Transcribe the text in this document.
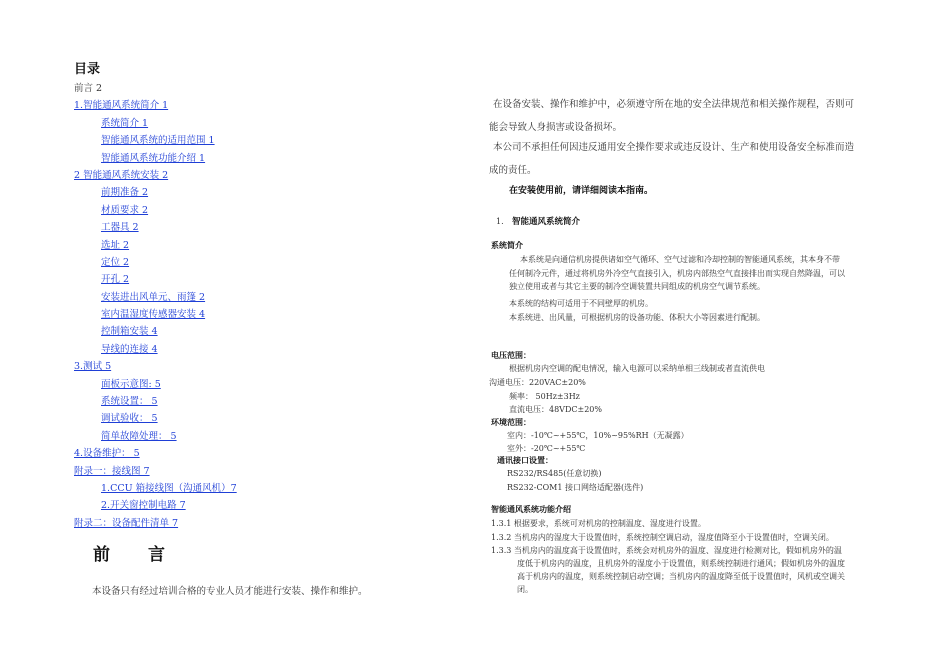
目录
前言 2
1.智能通风系统简介 1
系统简介 1
智能通风系统的适用范围 1
智能通风系统功能介绍 1
2 智能通风系统安装 2
前期准备 2
材质要求 2
工器具 2
选址 2
定位 2
开孔 2
安装进出风单元、雨篷 2
室内温湿度传感器安装 4
控制箱安装 4
导线的连接 4
3.测试 5
面板示意图: 5
系统设置： 5
调试验收： 5
简单故障处理： 5
4.设备维护： 5
附录一：接线图 7
1.CCU 箱接线图（沟通风机）7
2.开关窗控制电路 7
附录二：设备配件清单 7
前言
本设备只有经过培训合格的专业人员才能进行安装、操作和维护。
在设备安装、操作和维护中，必须遵守所在地的安全法律规范和相关操作规程，否则可
能会导致人身损害或设备损坏。
本公司不承担任何因违反通用安全操作要求或违反设计、生产和使用设备安全标准而造
成的责任。
在安装使用前，请详细阅读本指南。
1. 智能通风系统简介
系统简介
本系统是向通信机房提供诸如空气循环、空气过滤和冷却控制的智能通风系统，其本身不带
任何制冷元件，通过将机房外冷空气直接引入，机房内部热空气直接排出而实现自然降温，可以
独立使用或者与其它主要的制冷空调装置共同组成的机房空气调节系统。
本系统的结构可适用于不同壁厚的机房。
本系统进、出风量，可根据机房的设备功能、体积大小等因素进行配制。
电压范围：
根据机房内空调的配电情况，输入电源可以采纳单相三线制或者直流供电
沟通电压：220VAC±20%
频率： 50Hz±3Hz
直流电压：48VDC±20%
环境范围：
室内：-10℃~+55℃，10%~95%RH（无凝露）
室外：-20℃~+55℃
通讯接口设置：
RS232/RS485(任意切换)
RS232-COM1 接口网络适配器(选件)
智能通风系统功能介绍
1.3.1 根据要求，系统可对机房的控制温度、湿度进行设置。
1.3.2 当机房内的湿度大于设置值时，系统控制空调启动，湿度值降至小于设置值时，空调关闭。
1.3.3 当机房内的温度高于设置值时，系统会对机房外的温度、湿度进行检测对比，假如机房外的温
度低于机房内的温度，且机房外的湿度小于设置值，则系统控制进行通风；假如机房外的温度
高于机房内的温度，则系统控制启动空调；当机房内的温度降至低于设置值时，风机或空调关
闭。
